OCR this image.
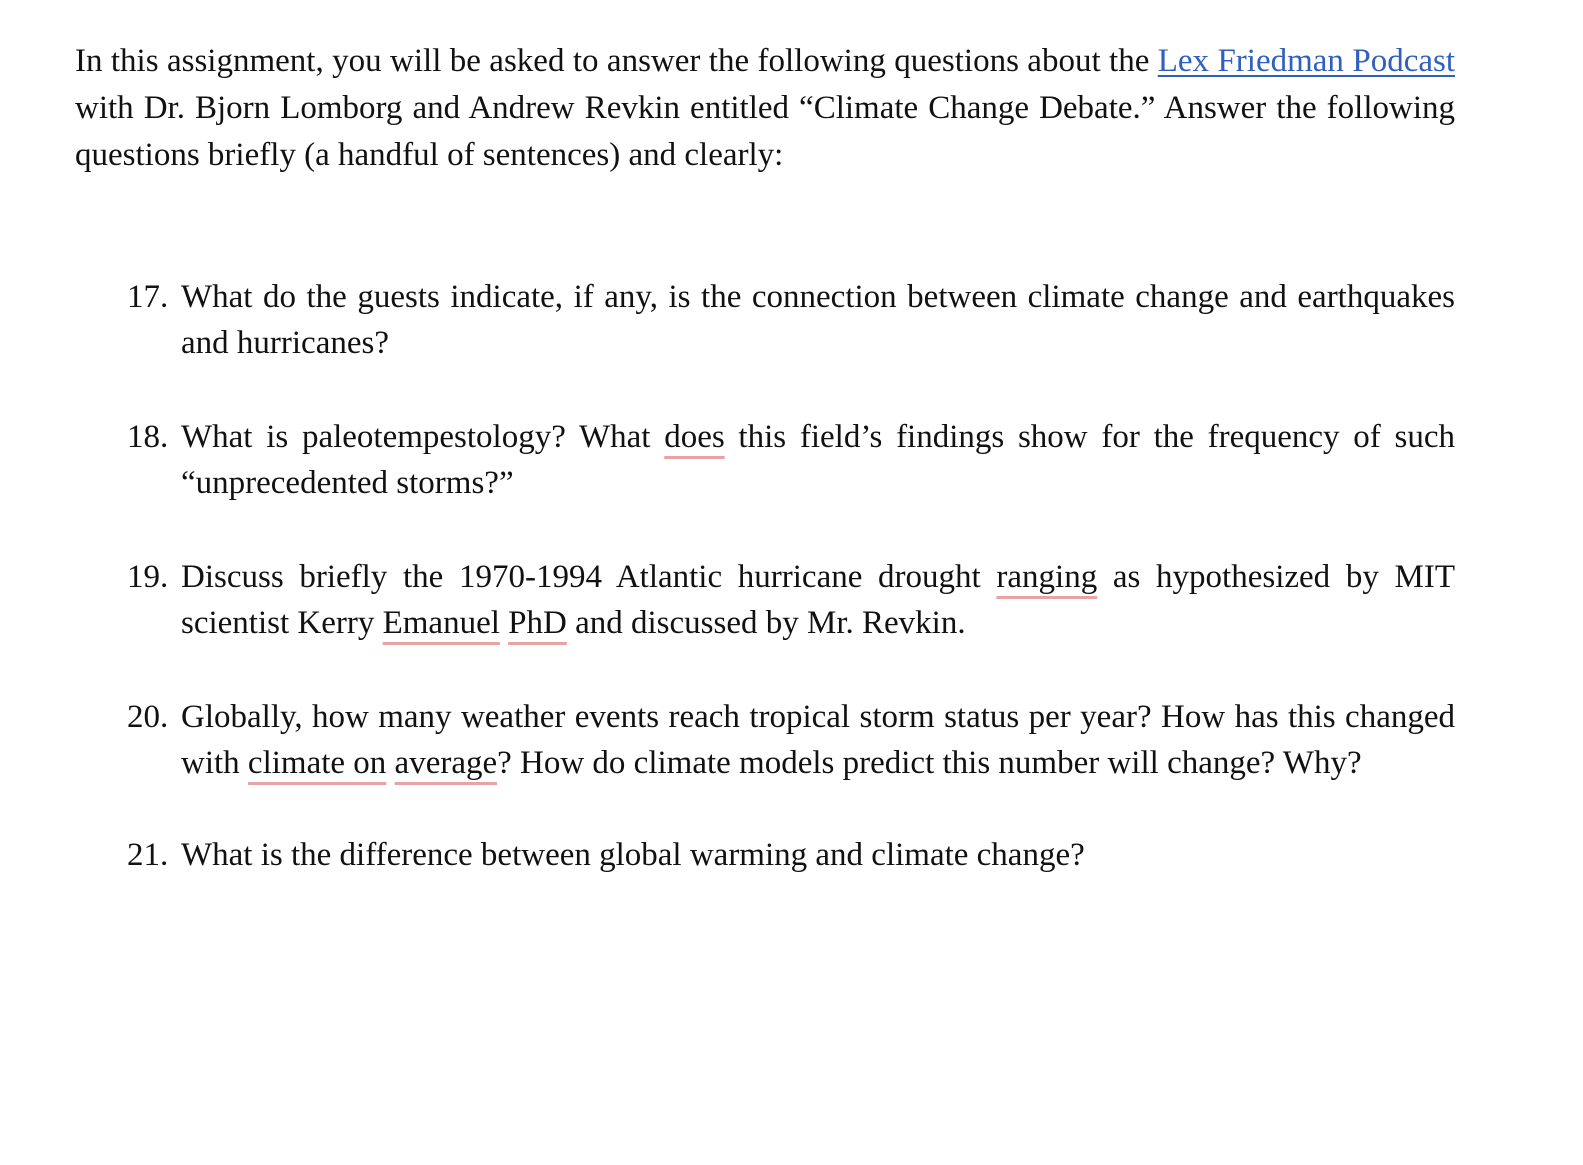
In this assignment, you will be asked to answer the following questions about the Lex Friedman Podcast with Dr. Bjorn Lomborg and Andrew Revkin entitled “Climate Change Debate.” Answer the following questions briefly (a handful of sentences) and clearly:

17. What do the guests indicate, if any, is the connection between climate change and earthquakes and hurricanes?
18. What is paleotempestology? What does this field’s findings show for the frequency of such “unprecedented storms?”
19. Discuss briefly the 1970-1994 Atlantic hurricane drought ranging as hypothesized by MIT scientist Kerry Emanuel PhD and discussed by Mr. Revkin.
20. Globally, how many weather events reach tropical storm status per year? How has this changed with climate on average? How do climate models predict this number will change? Why?
21. What is the difference between global warming and climate change?
